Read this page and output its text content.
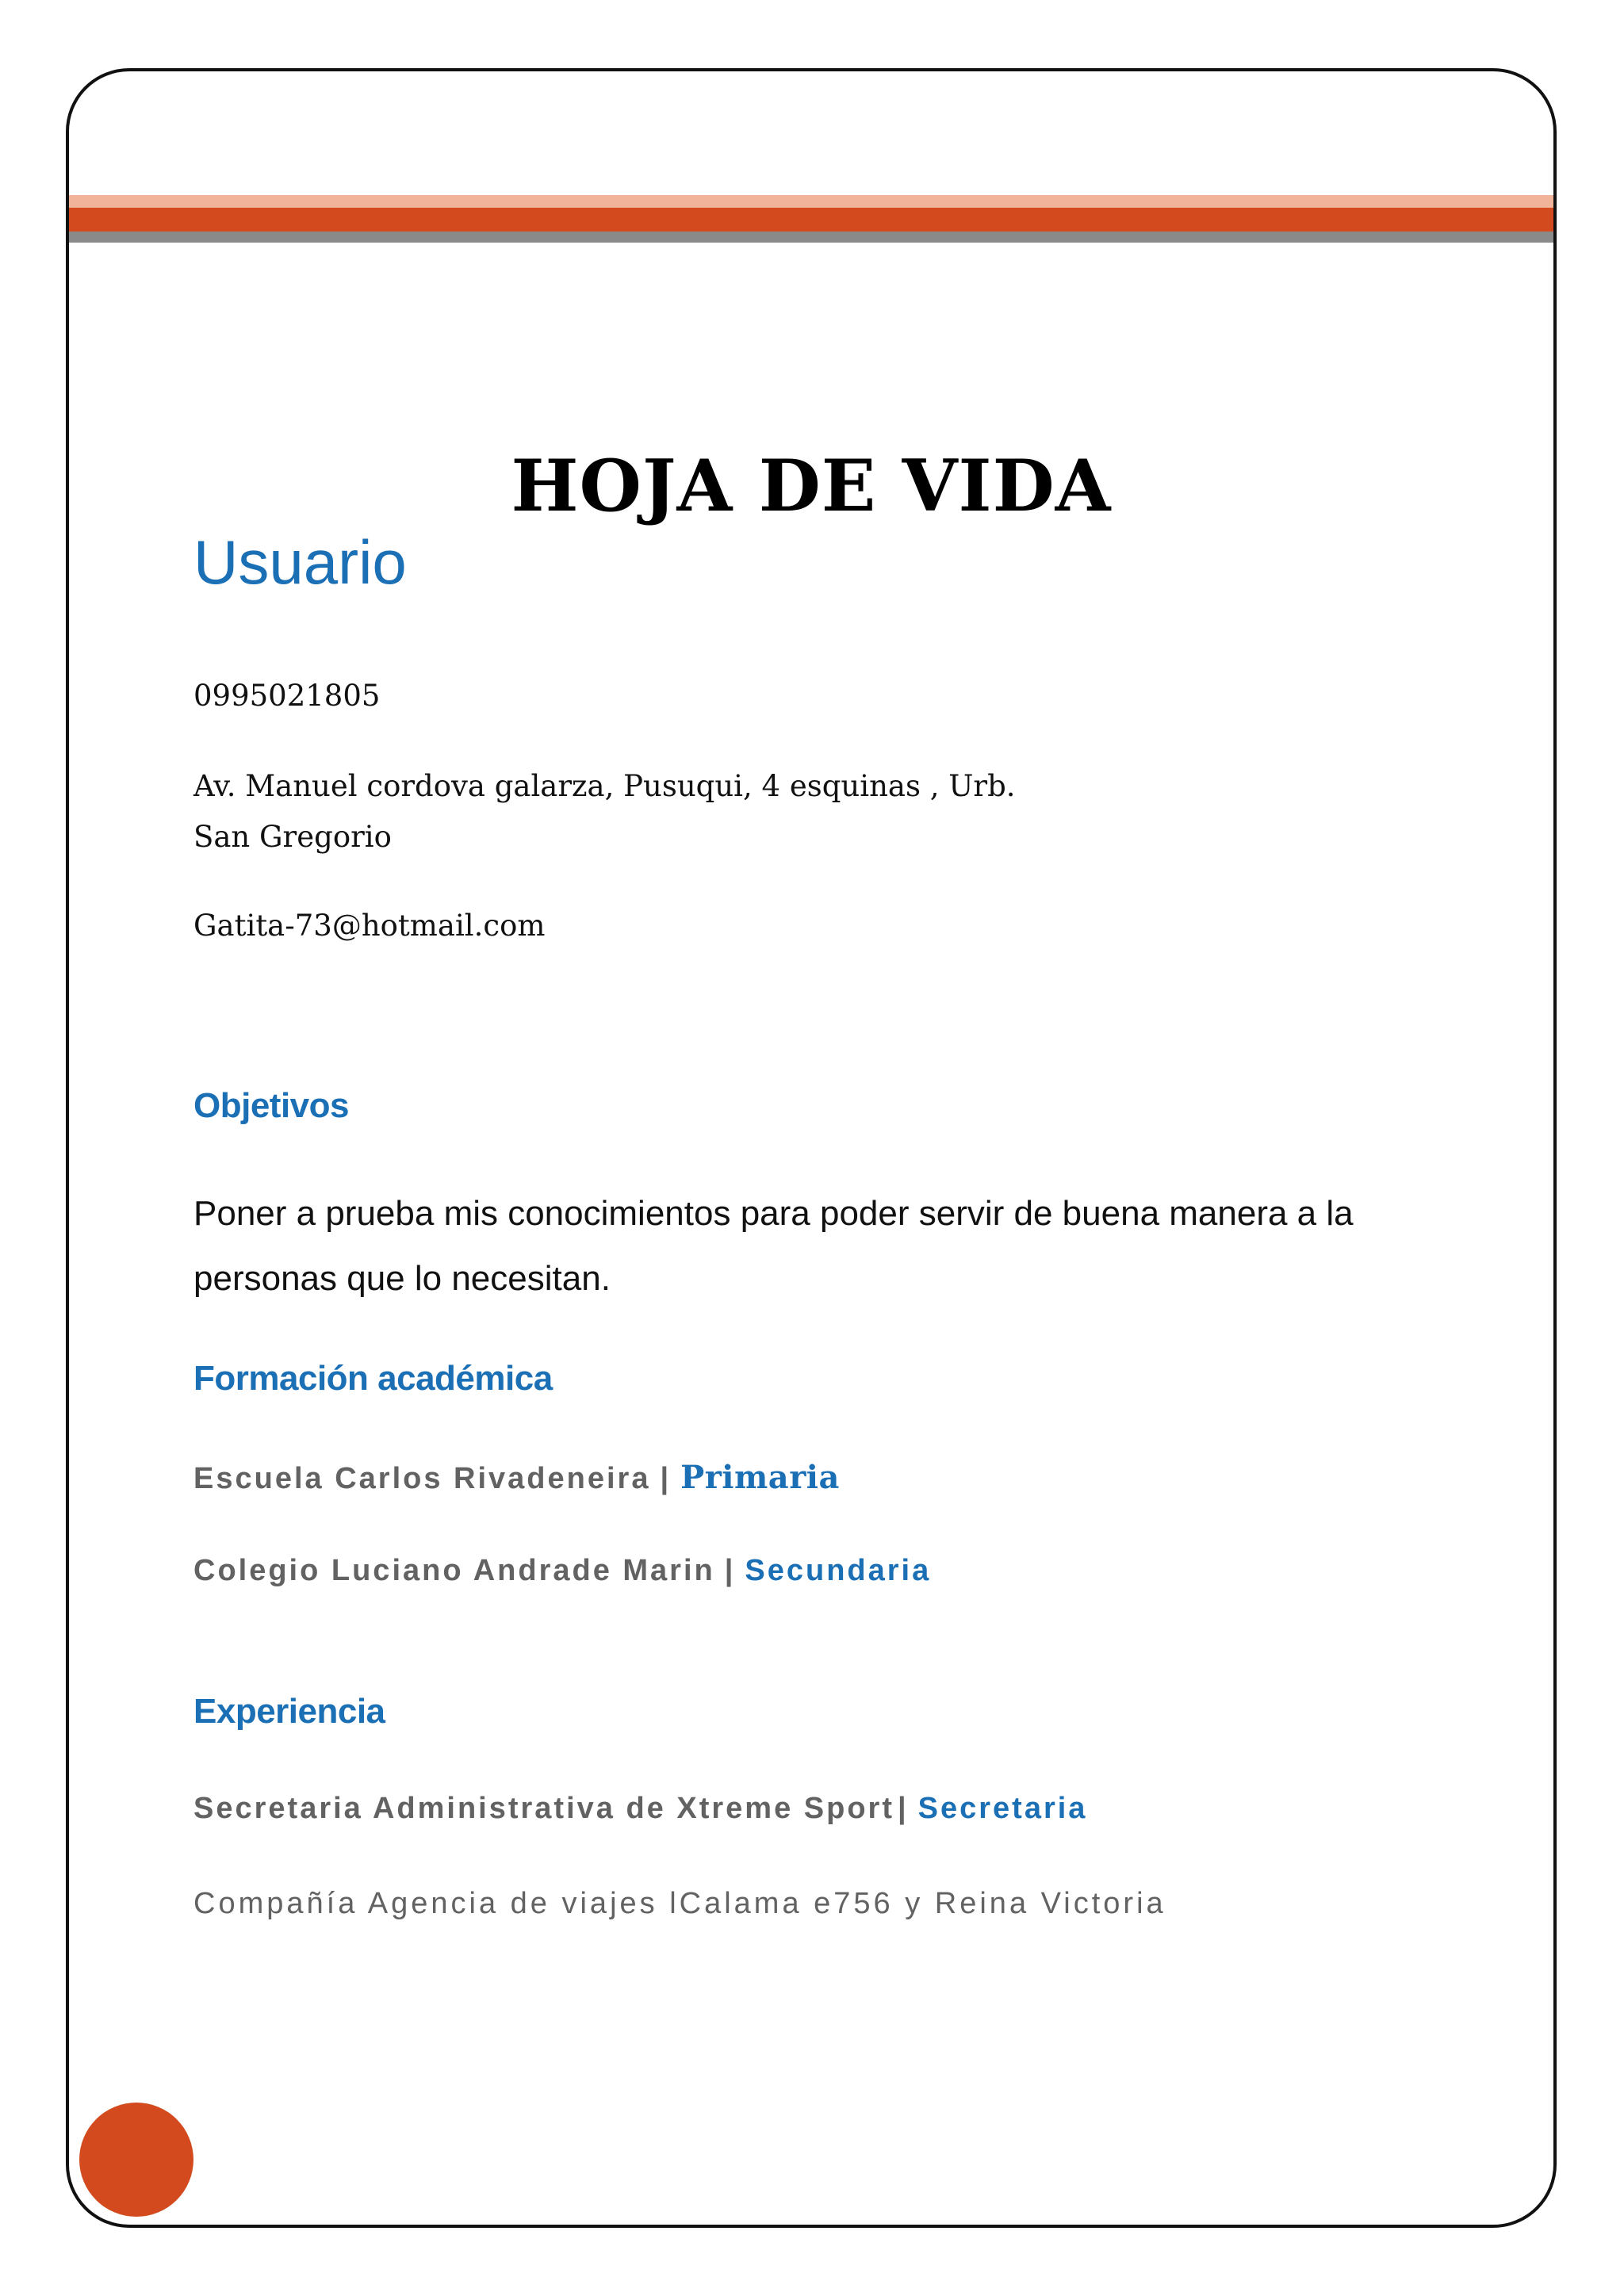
HOJA DE VIDA
Usuario
0995021805
Av. Manuel cordova galarza, Pusuqui, 4 esquinas , Urb. San Gregorio
Gatita-73@hotmail.com
Objetivos
Poner a prueba mis conocimientos para poder servir de buena manera a la personas que lo necesitan.
Formación académica
Escuela Carlos Rivadeneira | Primaria
Colegio Luciano Andrade Marin | Secundaria
Experiencia
Secretaria Administrativa de Xtreme Sport | Secretaria
Compañía Agencia de viajes lCalama e756 y Reina Victoria
